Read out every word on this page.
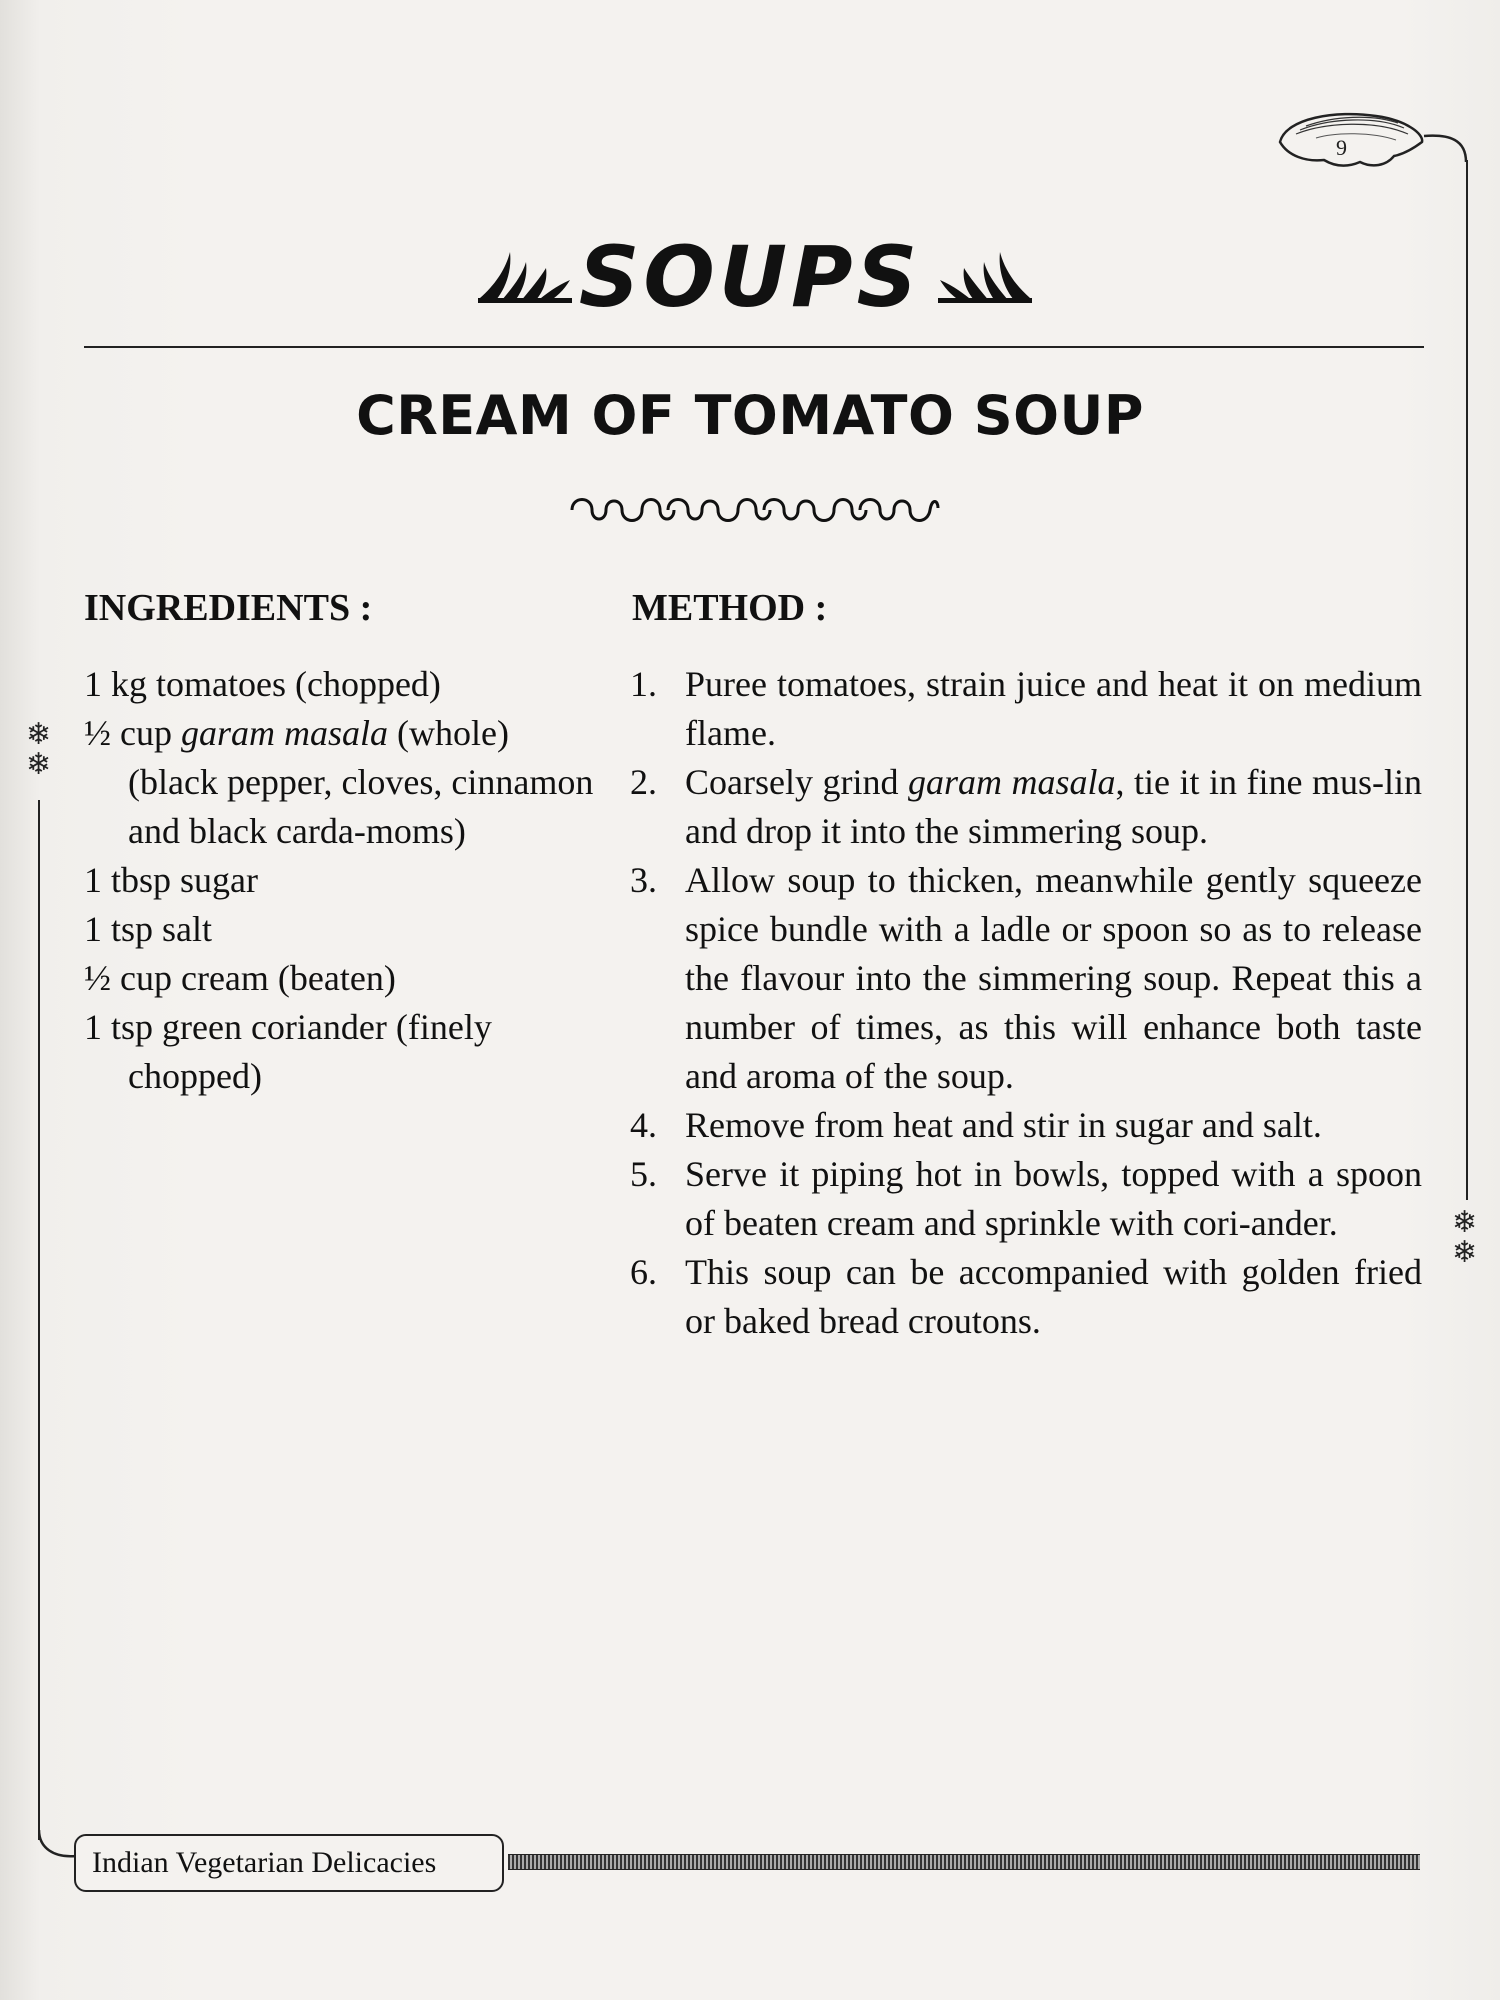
9
❄
❄
SOUPS
CREAM OF TOMATO SOUP
INGREDIENTS :
1 kg tomatoes (chopped)
½ cup garam masala (whole) (black pepper, cloves, cinnamon and black carda-moms)
1 tbsp sugar
1 tsp salt
½ cup cream (beaten)
1 tsp green coriander (finely chopped)
METHOD :
1. Puree tomatoes, strain juice and heat it on medium flame.
2. Coarsely grind garam masala, tie it in fine mus-lin and drop it into the simmering soup.
3. Allow soup to thicken, meanwhile gently squeeze spice bundle with a ladle or spoon so as to release the flavour into the simmering soup. Repeat this a number of times, as this will enhance both taste and aroma of the soup.
4. Remove from heat and stir in sugar and salt.
5. Serve it piping hot in bowls, topped with a spoon of beaten cream and sprinkle with cori-ander.
6. This soup can be accompanied with golden fried or baked bread croutons.
❄
❄
Indian Vegetarian Delicacies
